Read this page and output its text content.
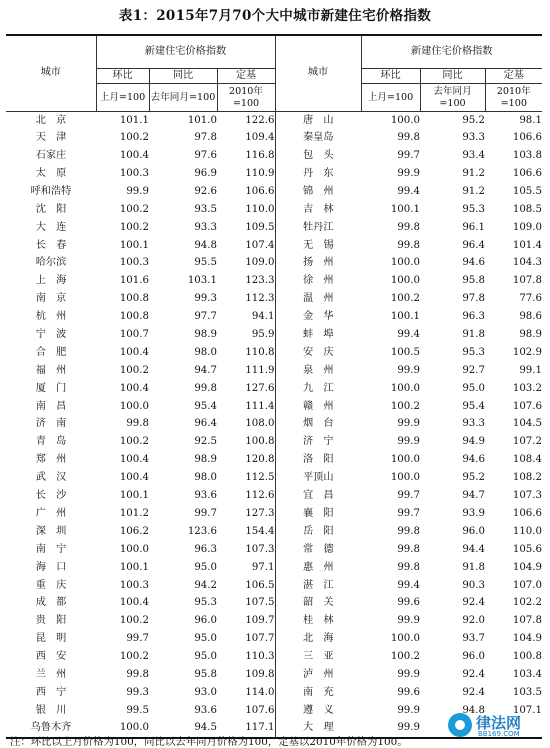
表1：2015年7月70个大中城市新建住宅价格指数
城市	新建住宅价格指数			城市	新建住宅价格指数		
	环比	同比	定基		环比	同比	定基
	上月=100	去年同月=100	2010年=100		上月=100	去年同月=100	2010年=100
北　京	101.1	101.0	122.6	唐　山	100.0	95.2	98.1
天　津	100.2	97.8	109.4	秦皇岛	99.8	93.3	106.6
石家庄	100.4	97.6	116.8	包　头	99.7	93.4	103.8
太　原	100.3	96.9	110.9	丹　东	99.9	91.2	106.6
呼和浩特	99.9	92.6	106.6	锦　州	99.4	91.2	105.5
沈　阳	100.2	93.5	110.0	吉　林	100.1	95.3	108.5
大　连	100.2	93.3	109.5	牡丹江	99.8	96.1	109.0
长　春	100.1	94.8	107.4	无　锡	99.8	96.4	101.4
哈尔滨	100.3	95.5	109.0	扬　州	100.0	94.6	104.3
上　海	101.6	103.1	123.3	徐　州	100.0	95.8	107.8
南　京	100.8	99.3	112.3	温　州	100.2	97.8	77.6
杭　州	100.8	97.7	94.1	金　华	100.1	96.3	98.6
宁　波	100.7	98.9	95.9	蚌　埠	99.4	91.8	98.9
合　肥	100.4	98.0	110.8	安　庆	100.5	95.3	102.9
福　州	100.2	94.7	111.9	泉　州	99.9	92.7	99.1
厦　门	100.4	99.8	127.6	九　江	100.0	95.0	103.2
南　昌	100.0	95.4	111.4	赣　州	100.2	95.4	107.6
济　南	99.8	96.4	108.0	烟　台	99.9	93.3	104.5
青　岛	100.2	92.5	100.8	济　宁	99.9	94.9	107.2
郑　州	100.4	98.9	120.8	洛　阳	100.0	94.6	108.4
武　汉	100.4	98.0	112.5	平顶山	100.0	95.2	108.2
长　沙	100.1	93.6	112.6	宜　昌	99.7	94.7	107.3
广　州	101.2	99.7	127.3	襄　阳	99.7	93.9	106.6
深　圳	106.2	123.6	154.4	岳　阳	99.8	96.0	110.0
南　宁	100.0	96.3	107.3	常　德	99.8	94.4	105.6
海　口	100.1	95.0	97.1	惠　州	99.8	91.8	104.9
重　庆	100.3	94.2	106.5	湛　江	99.4	90.3	107.0
成　都	100.4	95.3	107.5	韶　关	99.6	92.4	102.2
贵　阳	100.2	96.0	109.7	桂　林	99.9	92.0	107.8
昆　明	99.7	95.0	107.7	北　海	100.0	93.7	104.9
西　安	100.2	95.0	110.3	三　亚	100.2	96.0	100.8
兰　州	99.8	95.8	109.8	泸　州	99.9	92.4	103.4
西　宁	99.3	93.0	114.0	南　充	99.6	92.4	103.5
银　川	99.5	93.6	107.6	遵　义	99.9	94.8	107.1
乌鲁木齐	100.0	94.5	117.1	大　理	99.9		
注：环比以上月价格为100，同比以去年同月价格为100，定基以2010年价格为100。
律法网
BB169.COM
